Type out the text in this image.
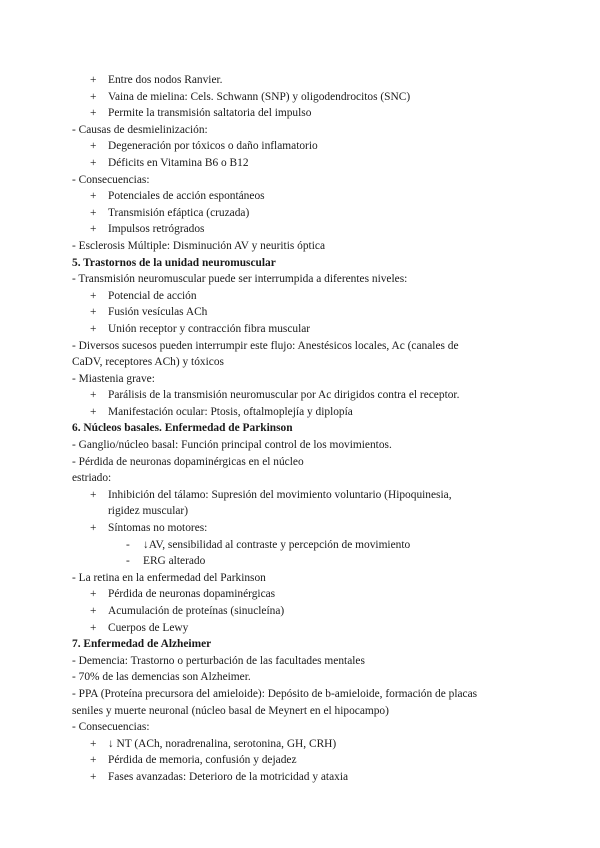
+ Entre dos nodos Ranvier.
+ Vaina de mielina: Cels. Schwann (SNP) y oligodendrocitos (SNC)
+ Permite la transmisión saltatoria del impulso
- Causas de desmielinización:
+ Degeneración por tóxicos o daño inflamatorio
+ Déficits en Vitamina B6 o B12
- Consecuencias:
+ Potenciales de acción espontáneos
+ Transmisión efáptica (cruzada)
+ Impulsos retrógrados
- Esclerosis Múltiple: Disminución AV y neuritis óptica
5. Trastornos de la unidad neuromuscular
- Transmisión neuromuscular puede ser interrumpida a diferentes niveles:
+ Potencial de acción
+ Fusión vesículas ACh
+ Unión receptor y contracción fibra muscular
- Diversos sucesos pueden interrumpir este flujo: Anestésicos locales, Ac (canales de
CaDV, receptores ACh) y tóxicos
- Miastenia grave:
+ Parálisis de la transmisión neuromuscular por Ac dirigidos contra el receptor.
+ Manifestación ocular: Ptosis, oftalmoplejía y diplopía
6. Núcleos basales. Enfermedad de Parkinson
- Ganglio/núcleo basal: Función principal control de los movimientos.
- Pérdida de neuronas dopaminérgicas en el núcleo
estriado:
+ Inhibición del tálamo: Supresión del movimiento voluntario (Hipoquinesia,
rigidez muscular)
+ Síntomas no motores:
- ↓AV, sensibilidad al contraste y percepción de movimiento
- ERG alterado
- La retina en la enfermedad del Parkinson
+ Pérdida de neuronas dopaminérgicas
+ Acumulación de proteínas (sinucleína)
+ Cuerpos de Lewy
7. Enfermedad de Alzheimer
- Demencia: Trastorno o perturbación de las facultades mentales
- 70% de las demencias son Alzheimer.
- PPA (Proteína precursora del amieloide): Depósito de b-amieloide, formación de placas
seniles y muerte neuronal (núcleo basal de Meynert en el hipocampo)
- Consecuencias:
+ ↓ NT (ACh, noradrenalina, serotonina, GH, CRH)
+ Pérdida de memoria, confusión y dejadez
+ Fases avanzadas: Deterioro de la motricidad y ataxia
